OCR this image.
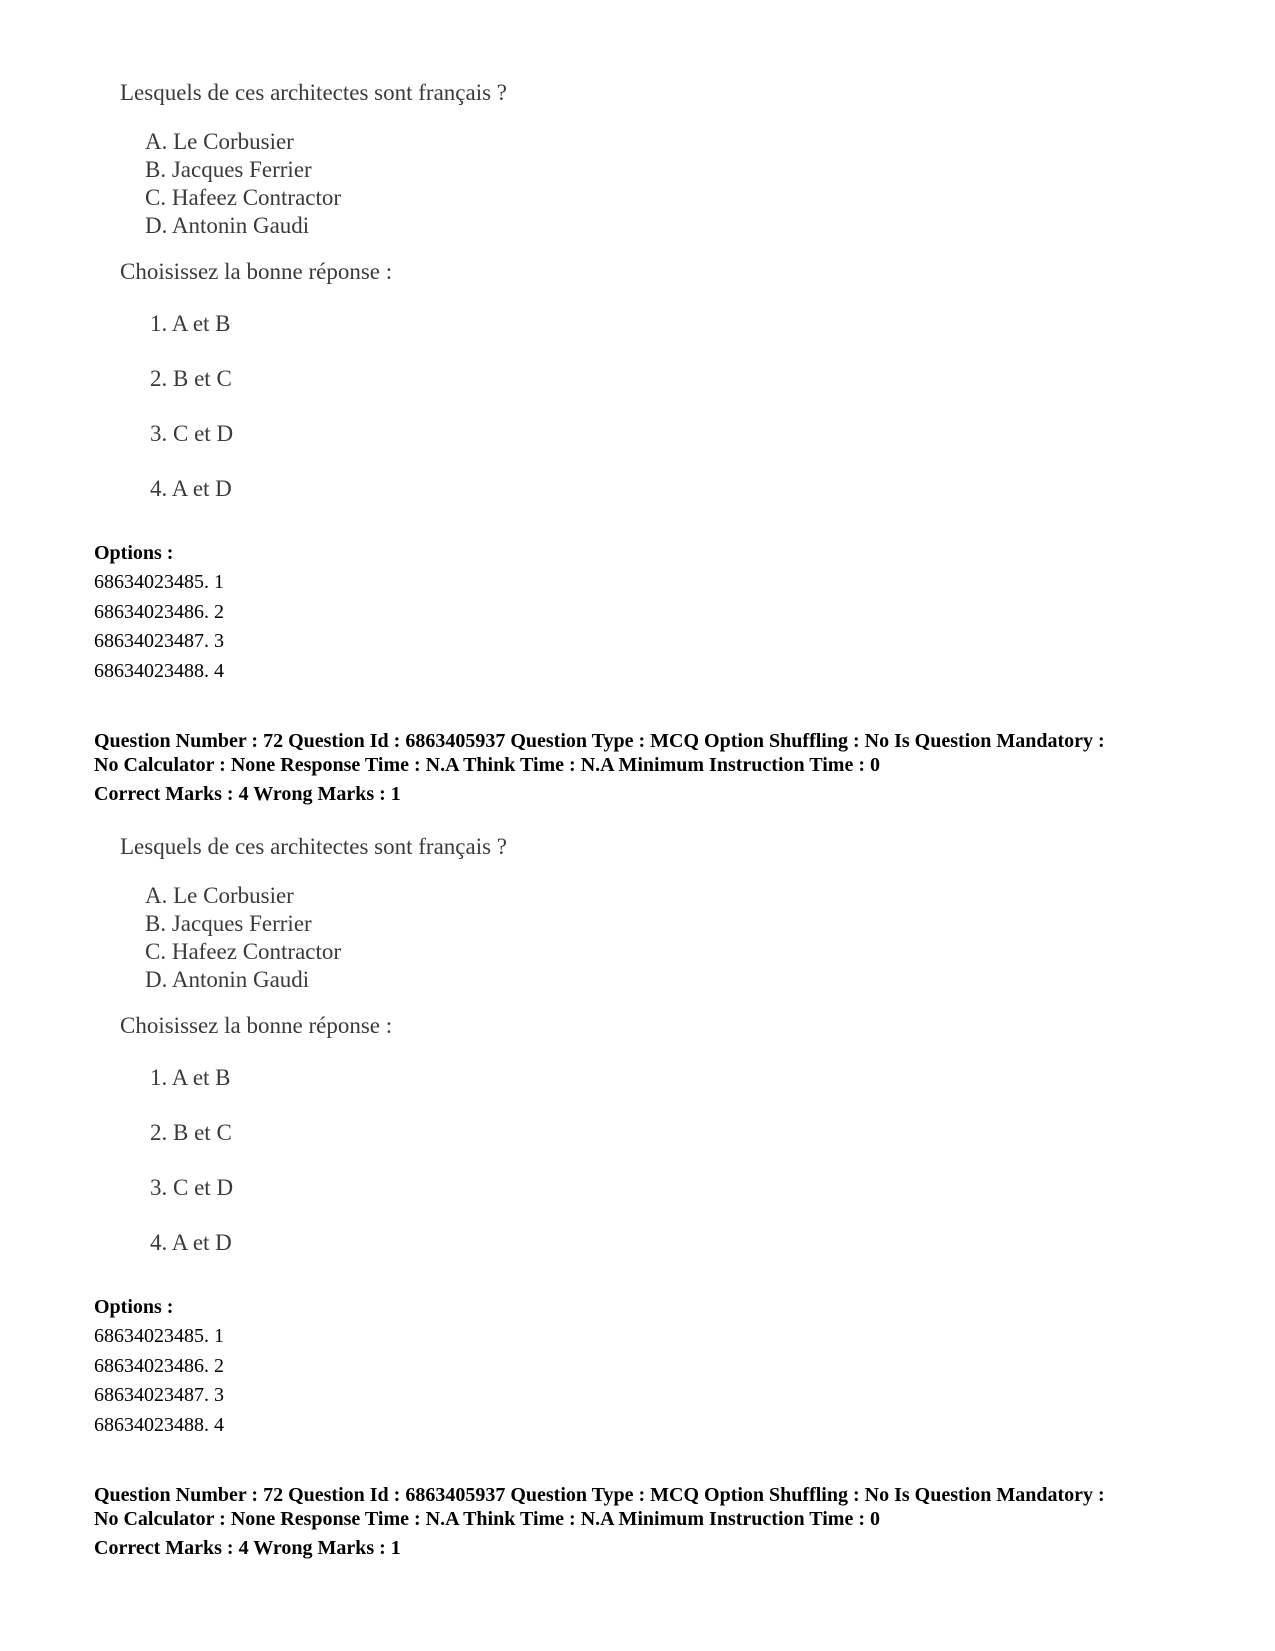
Lesquels de ces architectes sont français ?
A. Le Corbusier
B. Jacques Ferrier
C. Hafeez Contractor
D. Antonin Gaudi
Choisissez la bonne réponse :
1. A et B
2. B et C
3. C et D
4. A et D
Options :
68634023485. 1
68634023486. 2
68634023487. 3
68634023488. 4
Question Number : 72 Question Id : 6863405937 Question Type : MCQ Option Shuffling : No Is Question Mandatory :
No Calculator : None Response Time : N.A Think Time : N.A Minimum Instruction Time : 0
Correct Marks : 4 Wrong Marks : 1
Lesquels de ces architectes sont français ?
A. Le Corbusier
B. Jacques Ferrier
C. Hafeez Contractor
D. Antonin Gaudi
Choisissez la bonne réponse :
1. A et B
2. B et C
3. C et D
4. A et D
Options :
68634023485. 1
68634023486. 2
68634023487. 3
68634023488. 4
Question Number : 72 Question Id : 6863405937 Question Type : MCQ Option Shuffling : No Is Question Mandatory :
No Calculator : None Response Time : N.A Think Time : N.A Minimum Instruction Time : 0
Correct Marks : 4 Wrong Marks : 1
